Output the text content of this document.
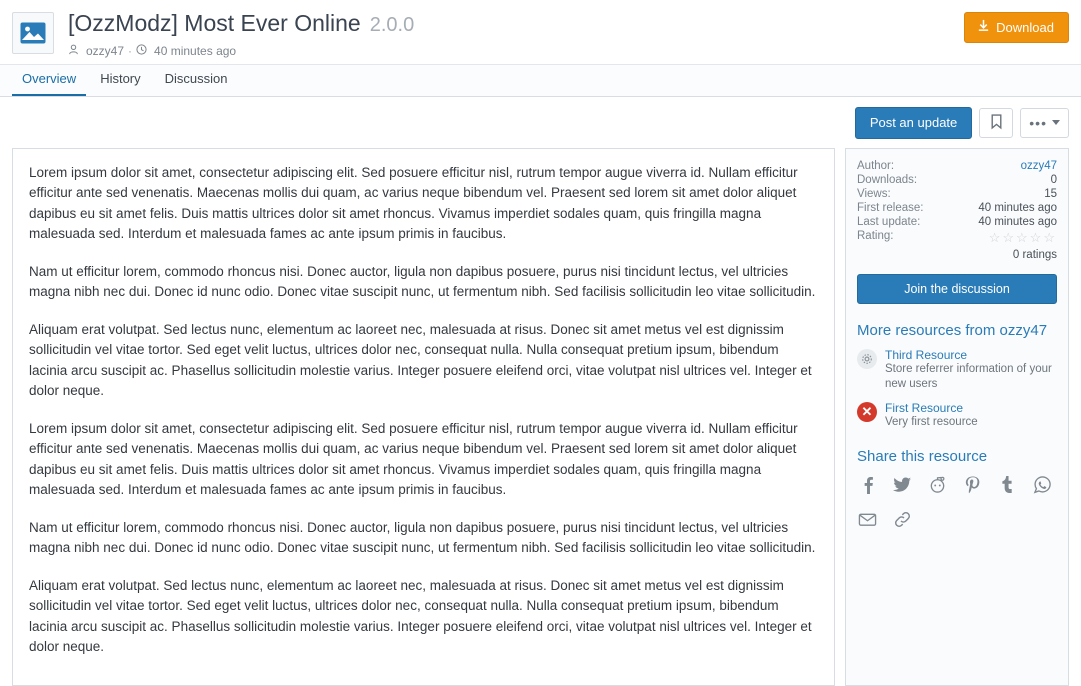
[OzzModz] Most Ever Online 2.0.0
ozzy47 · 40 minutes ago
Download
Overview	History	Discussion
Post an update	•••

Lorem ipsum dolor sit amet, consectetur adipiscing elit. Sed posuere efficitur nisl, rutrum tempor augue viverra id. Nullam efficitur efficitur ante sed venenatis. Maecenas mollis dui quam, ac varius neque bibendum vel. Praesent sed lorem sit amet dolor aliquet dapibus eu sit amet felis. Duis mattis ultrices dolor sit amet rhoncus. Vivamus imperdiet sodales quam, quis fringilla magna malesuada sed. Interdum et malesuada fames ac ante ipsum primis in faucibus.

Nam ut efficitur lorem, commodo rhoncus nisi. Donec auctor, ligula non dapibus posuere, purus nisi tincidunt lectus, vel ultricies magna nibh nec dui. Donec id nunc odio. Donec vitae suscipit nunc, ut fermentum nibh. Sed facilisis sollicitudin leo vitae sollicitudin.

Aliquam erat volutpat. Sed lectus nunc, elementum ac laoreet nec, malesuada at risus. Donec sit amet metus vel est dignissim sollicitudin vel vitae tortor. Sed eget velit luctus, ultrices dolor nec, consequat nulla. Nulla consequat pretium ipsum, bibendum lacinia arcu suscipit ac. Phasellus sollicitudin molestie varius. Integer posuere eleifend orci, vitae volutpat nisl ultrices vel. Integer et dolor neque.

Lorem ipsum dolor sit amet, consectetur adipiscing elit. Sed posuere efficitur nisl, rutrum tempor augue viverra id. Nullam efficitur efficitur ante sed venenatis. Maecenas mollis dui quam, ac varius neque bibendum vel. Praesent sed lorem sit amet dolor aliquet dapibus eu sit amet felis. Duis mattis ultrices dolor sit amet rhoncus. Vivamus imperdiet sodales quam, quis fringilla magna malesuada sed. Interdum et malesuada fames ac ante ipsum primis in faucibus.

Nam ut efficitur lorem, commodo rhoncus nisi. Donec auctor, ligula non dapibus posuere, purus nisi tincidunt lectus, vel ultricies magna nibh nec dui. Donec id nunc odio. Donec vitae suscipit nunc, ut fermentum nibh. Sed facilisis sollicitudin leo vitae sollicitudin.

Aliquam erat volutpat. Sed lectus nunc, elementum ac laoreet nec, malesuada at risus. Donec sit amet metus vel est dignissim sollicitudin vel vitae tortor. Sed eget velit luctus, ultrices dolor nec, consequat nulla. Nulla consequat pretium ipsum, bibendum lacinia arcu suscipit ac. Phasellus sollicitudin molestie varius. Integer posuere eleifend orci, vitae volutpat nisl ultrices vel. Integer et dolor neque.

Author:	ozzy47
Downloads:	0
Views:	15
First release:	40 minutes ago
Last update:	40 minutes ago
Rating:	☆☆☆☆☆
0 ratings
Join the discussion
More resources from ozzy47
Third Resource
Store referrer information of your new users
✕	First Resource
Very first resource
Share this resource
